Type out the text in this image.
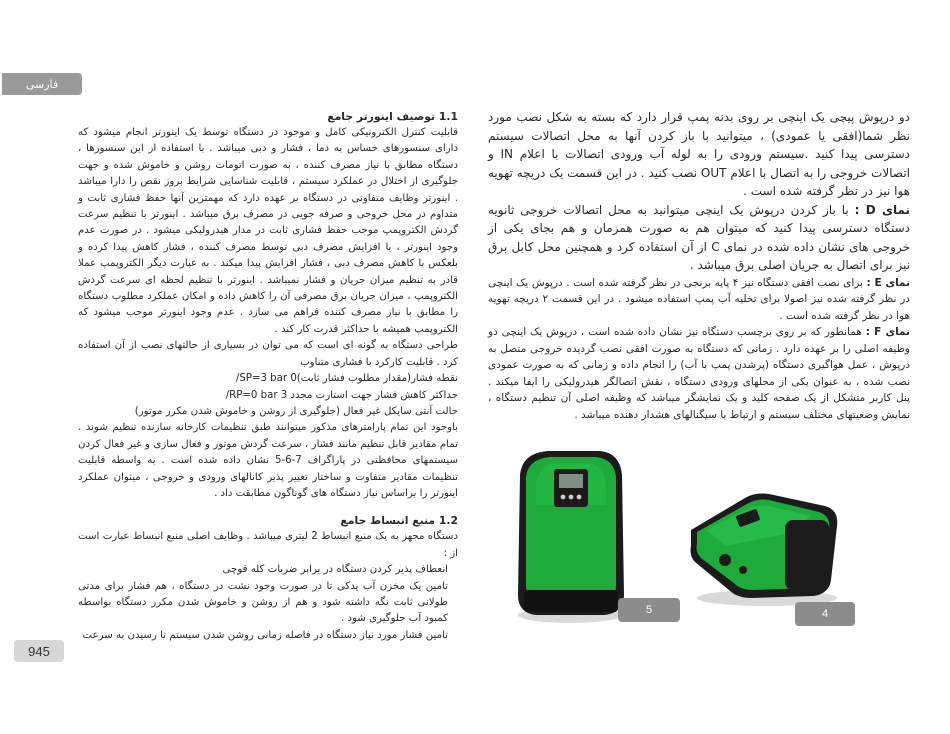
فارسی

دو درپوش پیچی یک اینچی بر روی بدنه پمپ قرار دارد که بسته به شکل نصب مورد نظر شما(افقی یا عمودی) ، میتوانید با باز کردن آنها به محل اتصالات سیستم دسترسی پیدا کنید .سیستم ورودی را به لوله آب ورودی اتصالات با اعلام IN و اتصالات خروجی را به اتصال با اعلام OUT نصب کنید . در این قسمت یک دریچه تهویه هوا نیز در نظر گرفته شده است .

نمای D : با باز کردن درپوش یک اینچی میتوانید به محل اتصالات خروجی ثانویه دستگاه دسترسی پیدا کنید که میتوان هم به صورت همزمان و هم بجای یکی از خروجی های نشان داده شده در نمای C از آن استفاده کرد و همچنین محل کابل برق نیز برای اتصال به جریان اصلی برق میباشد .

نمای E : برای نصب افقی دستگاه نیز ۴ پایه برنجی در نظر گرفته شده است . درپوش یک اینچی در نظر گرفته شده نیز اصولا برای تخلیه آب پمپ استفاده میشود . در این قسمت ۲ دریچه تهویه هوا در نظر گرفته شده است .

نمای F : همانطور که بر روی برچسب دستگاه نیز نشان داده شده است ، درپوش یک اینچی دو وظیفه اصلی را بر عهده دارد . زمانی که دستگاه به صورت افقی نصب گردیده خروجی متصل به درپوش ، عمل هواگیری دستگاه (پرشدن پمپ با آب) را انجام داده و زمانی که به صورت عمودی نصب شده ، به عنوان یکی از محلهای ورودی دستگاه ، نقش اتصالگر هیدرولیکی را ایفا میکند . پنل کاربر متشکل از یک صفحه کلید و یک نمایشگر میباشد که وظیفه اصلی آن تنظیم دستگاه ، نمایش وضعیتهای مختلف سیستم و ارتباط با سیگنالهای هشدار دهنده میباشد .

1.1 توصیف اینورتر جامع

قابلیت کنترل الکترونیکی کامل و موجود در دستگاه توسط یک اینورتر انجام میشود که دارای سنسورهای حساس به دما ، فشار و دبی میباشد . با استفاده از این سنسورها ، دستگاه مطابق با نیاز مصرف کننده ، به صورت اتومات روشن و خاموش شده و جهت جلوگیری از اختلال در عملکرد سیستم ، قابلیت شناسایی شرایط بروز نقص را دارا میباشد . اینورتر وظایف متفاوتی در دستگاه بر عهده دارد که مهمترین آنها حفظ فشاری ثابت و متداوم در محل خروجی و صرفه جویی در مصرف برق میباشد . اینورتر با تنظیم سرعت گردش الکتروپمپ موجب حفظ فشاری ثابت در مدار هیدرولیکی میشود . در صورت عدم وجود اینورتر ، با افزایش مصرف دبی توسط مصرف کننده ، فشار کاهش پیدا کرده و بلعکس با کاهش مصرف دبی ، فشار افزایش پیدا میکند . به عبارت دیگر الکتروپمپ عملا قادر به تنظیم میزان جریان و فشار نمیباشد . اینورتر با تنظیم لحظه ای سرعت گردش الکتروپمپ ، میزان جریان برق مصرفی آن را کاهش داده و امکان عملکرد مطلوب دستگاه را مطابق با نیاز مصرف کننده فراهم می سازد . عدم وجود اینورتر موجب میشود که الکتروپمپ همیشه با حداکثر قدرت کار کند .

طراحی دستگاه به گونه ای است که می توان در بسیاری از حالتهای نصب از آن استفاده کرد . قابلیت کارکرد با فشاری متناوب

نقطه فشار(مقدار مطلوب فشار ثابت)SP=3 bar 0/

حداکثر کاهش فشار جهت استارت مجدد RP=0 bar 3/

حالت آنتی سایکل غیر فعال (جلوگیری از روشن و خاموش شدن مکرر موتور)

باوجود این تمام پارامترهای مذکور میتوانند طبق تنظیمات کارخانه سازنده تنظیم شوند . تمام مقادیر قابل تنظیم مانند فشار ، سرعت گردش موتور و فعال سازی و غیر فعال کردن سیستمهای محافظتی در پاراگراف 7-6-5 نشان داده شده است . به واسطه قابلیت تنظیمات مقادیر متفاوت و ساختار تغییر پذیر کانالهای ورودی و خروجی ، میتوان عملکرد اینورتر را براساس نیاز دستگاه های گوناگون مطابقت داد .

1.2 منبع انبساط جامع

دستگاه مجهز به یک منبع انبساط 2 لیتری میباشد . وظایف اصلی منبع انبساط عبارت است از :

انعطاف پذیر کردن دستگاه در برابر ضربات کله قوچی

تامین یک مخزن آب یدکی تا در صورت وجود نشت در دستگاه ، هم فشار برای مدتی طولانی ثابت نگه داشته شود و هم از روشن و خاموش شدن مکرر دستگاه بواسطه کمبود آب جلوگیری شود .

تامین فشار مورد نیاز دستگاه در فاصله زمانی روشن شدن سیستم تا رسیدن به سرعت

5	4
945
